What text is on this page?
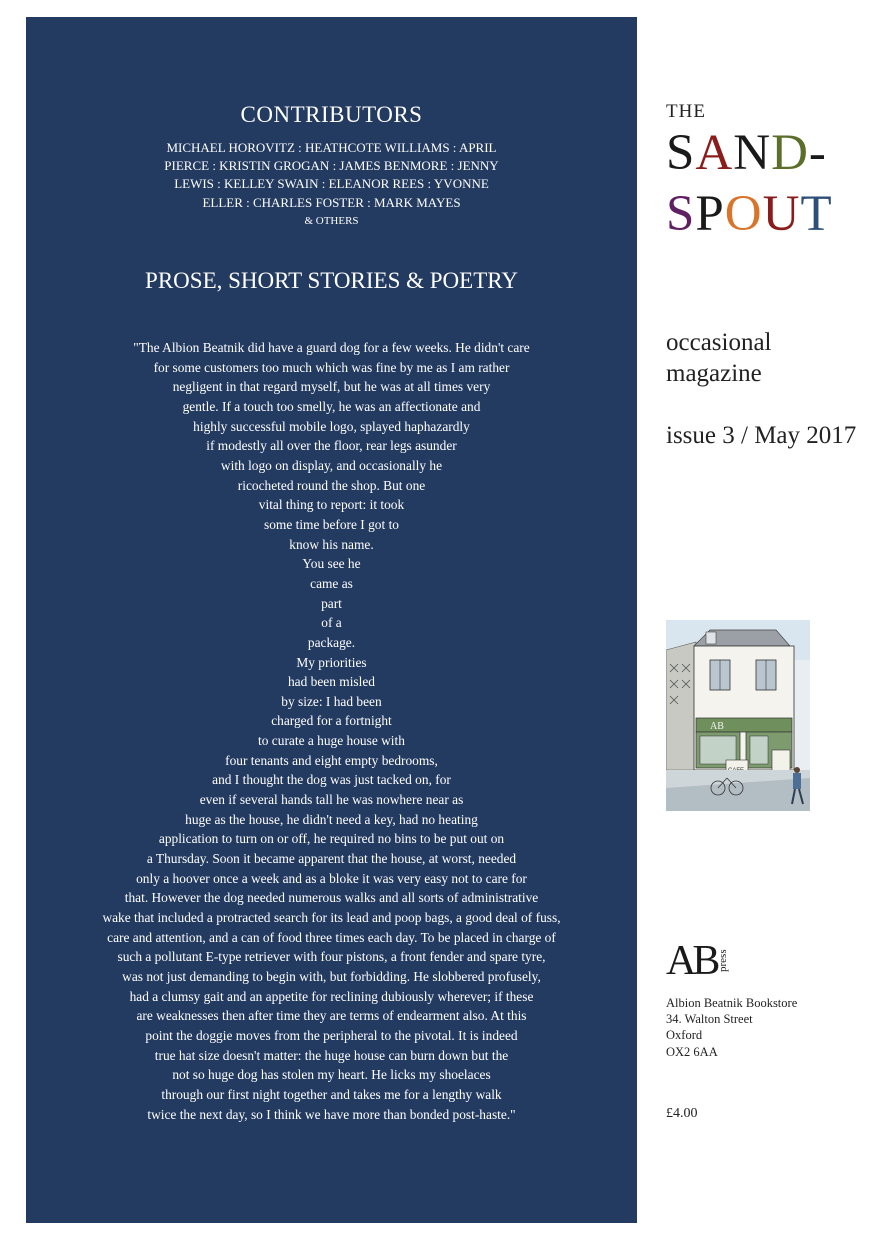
CONTRIBUTORS
MICHAEL HOROVITZ : HEATHCOTE WILLIAMS : APRIL
PIERCE : KRISTIN GROGAN : JAMES BENMORE : JENNY
LEWIS : KELLEY SWAIN : ELEANOR REES : YVONNE
ELLER : CHARLES FOSTER : MARK MAYES
& OTHERS
PROSE, SHORT STORIES & POETRY
"The Albion Beatnik did have a guard dog for a few weeks. He didn't care
for some customers too much which was fine by me as I am rather
negligent in that regard myself, but he was at all times very
gentle. If a touch too smelly, he was an affectionate and
highly successful mobile logo, splayed haphazardly
if modestly all over the floor, rear legs asunder
with logo on display, and occasionally he
ricocheted round the shop. But one
vital thing to report: it took
some time before I got to
know his name.
You see he
came as
part
of a
package.
My priorities
had been misled
by size: I had been
charged for a fortnight
to curate a huge house with
four tenants and eight empty bedrooms,
and I thought the dog was just tacked on, for
even if several hands tall he was nowhere near as
huge as the house, he didn't need a key, had no heating
application to turn on or off, he required no bins to be put out on
a Thursday. Soon it became apparent that the house, at worst, needed
only a hoover once a week and as a bloke it was very easy not to care for
that. However the dog needed numerous walks and all sorts of administrative
wake that included a protracted search for its lead and poop bags, a good deal of fuss,
care and attention, and a can of food three times each day. To be placed in charge of
such a pollutant E-type retriever with four pistons, a front fender and spare tyre,
was not just demanding to begin with, but forbidding. He slobbered profusely,
had a clumsy gait and an appetite for reclining dubiously wherever; if these
are weaknesses then after time they are terms of endearment also. At this
point the doggie moves from the peripheral to the pivotal. It is indeed
true hat size doesn't matter: the huge house can burn down but the
not so huge dog has stolen my heart. He licks my shoelaces
through our first night together and takes me for a lengthy walk
twice the next day, so I think we have more than bonded post-haste."
THE
SAND-
SPOUT
occasional
magazine
issue 3 / May 2017
AB
AB press
Albion Beatnik Bookstore
34. Walton Street
Oxford
OX2 6AA
£4.00
